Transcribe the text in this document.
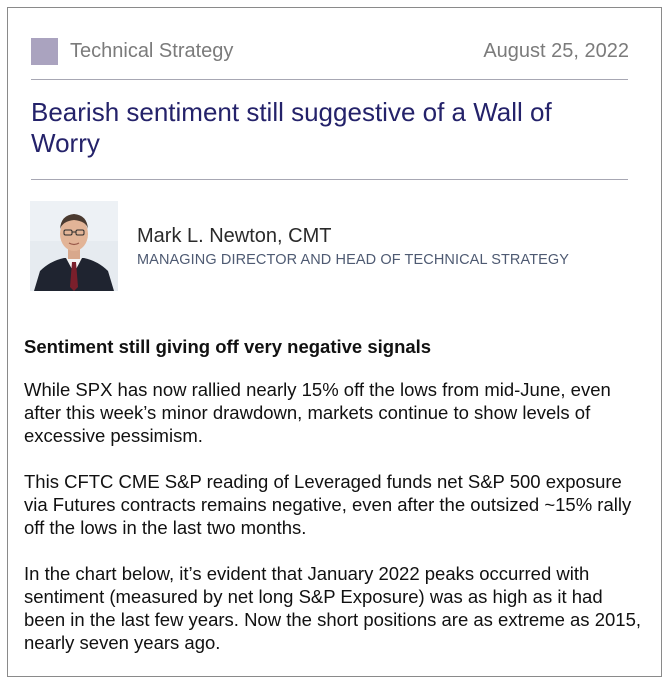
Technical Strategy	August 25, 2022
Bearish sentiment still suggestive of a Wall of Worry
Mark L. Newton, CMT
MANAGING DIRECTOR AND HEAD OF TECHNICAL STRATEGY
Sentiment still giving off very negative signals
While SPX has now rallied nearly 15% off the lows from mid-June, even after this week’s minor drawdown, markets continue to show levels of excessive pessimism.
This CFTC CME S&P reading of Leveraged funds net S&P 500 exposure via Futures contracts remains negative, even after the outsized ~15% rally off the lows in the last two months.
In the chart below, it’s evident that January 2022 peaks occurred with sentiment (measured by net long S&P Exposure) was as high as it had been in the last few years. Now the short positions are as extreme as 2015, nearly seven years ago.
